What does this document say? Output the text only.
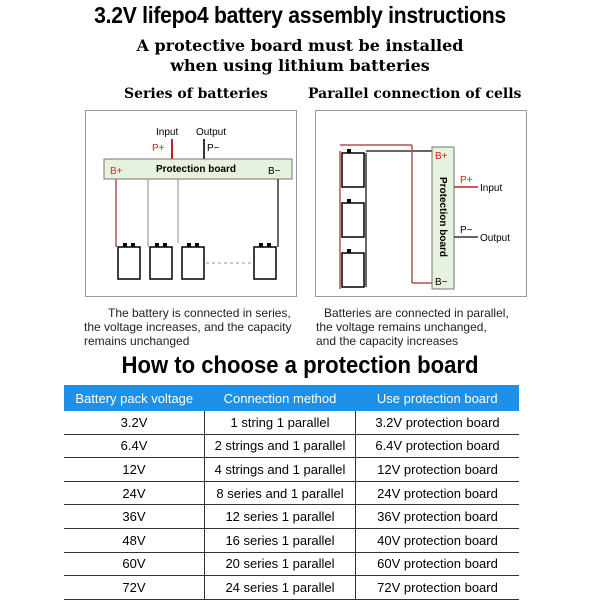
3.2V lifepo4 battery assembly instructions
A protective board must be installed
when using lithium batteries
Series of batteries	Parallel connection of cells
Input Output
P+	P−
B+	B−
Protection board
B+
B−
Protection board P+
Input
P−
Output
The battery is connected in series,
the voltage increases, and the capacity
remains unchanged
Batteries are connected in parallel,
the voltage remains unchanged,
and the capacity increases
How to choose a protection board
Battery pack voltage	Connection method	Use protection board
3.2V	1 string 1 parallel	3.2V protection board
6.4V	2 strings and 1 parallel	6.4V protection board
12V	4 strings and 1 parallel	12V protection board
24V	8 series and 1 parallel	24V protection board
36V	12 series 1 parallel	36V protection board
48V	16 series 1 parallel	40V protection board
60V	20 series 1 parallel	60V protection board
72V	24 series 1 parallel	72V protection board
